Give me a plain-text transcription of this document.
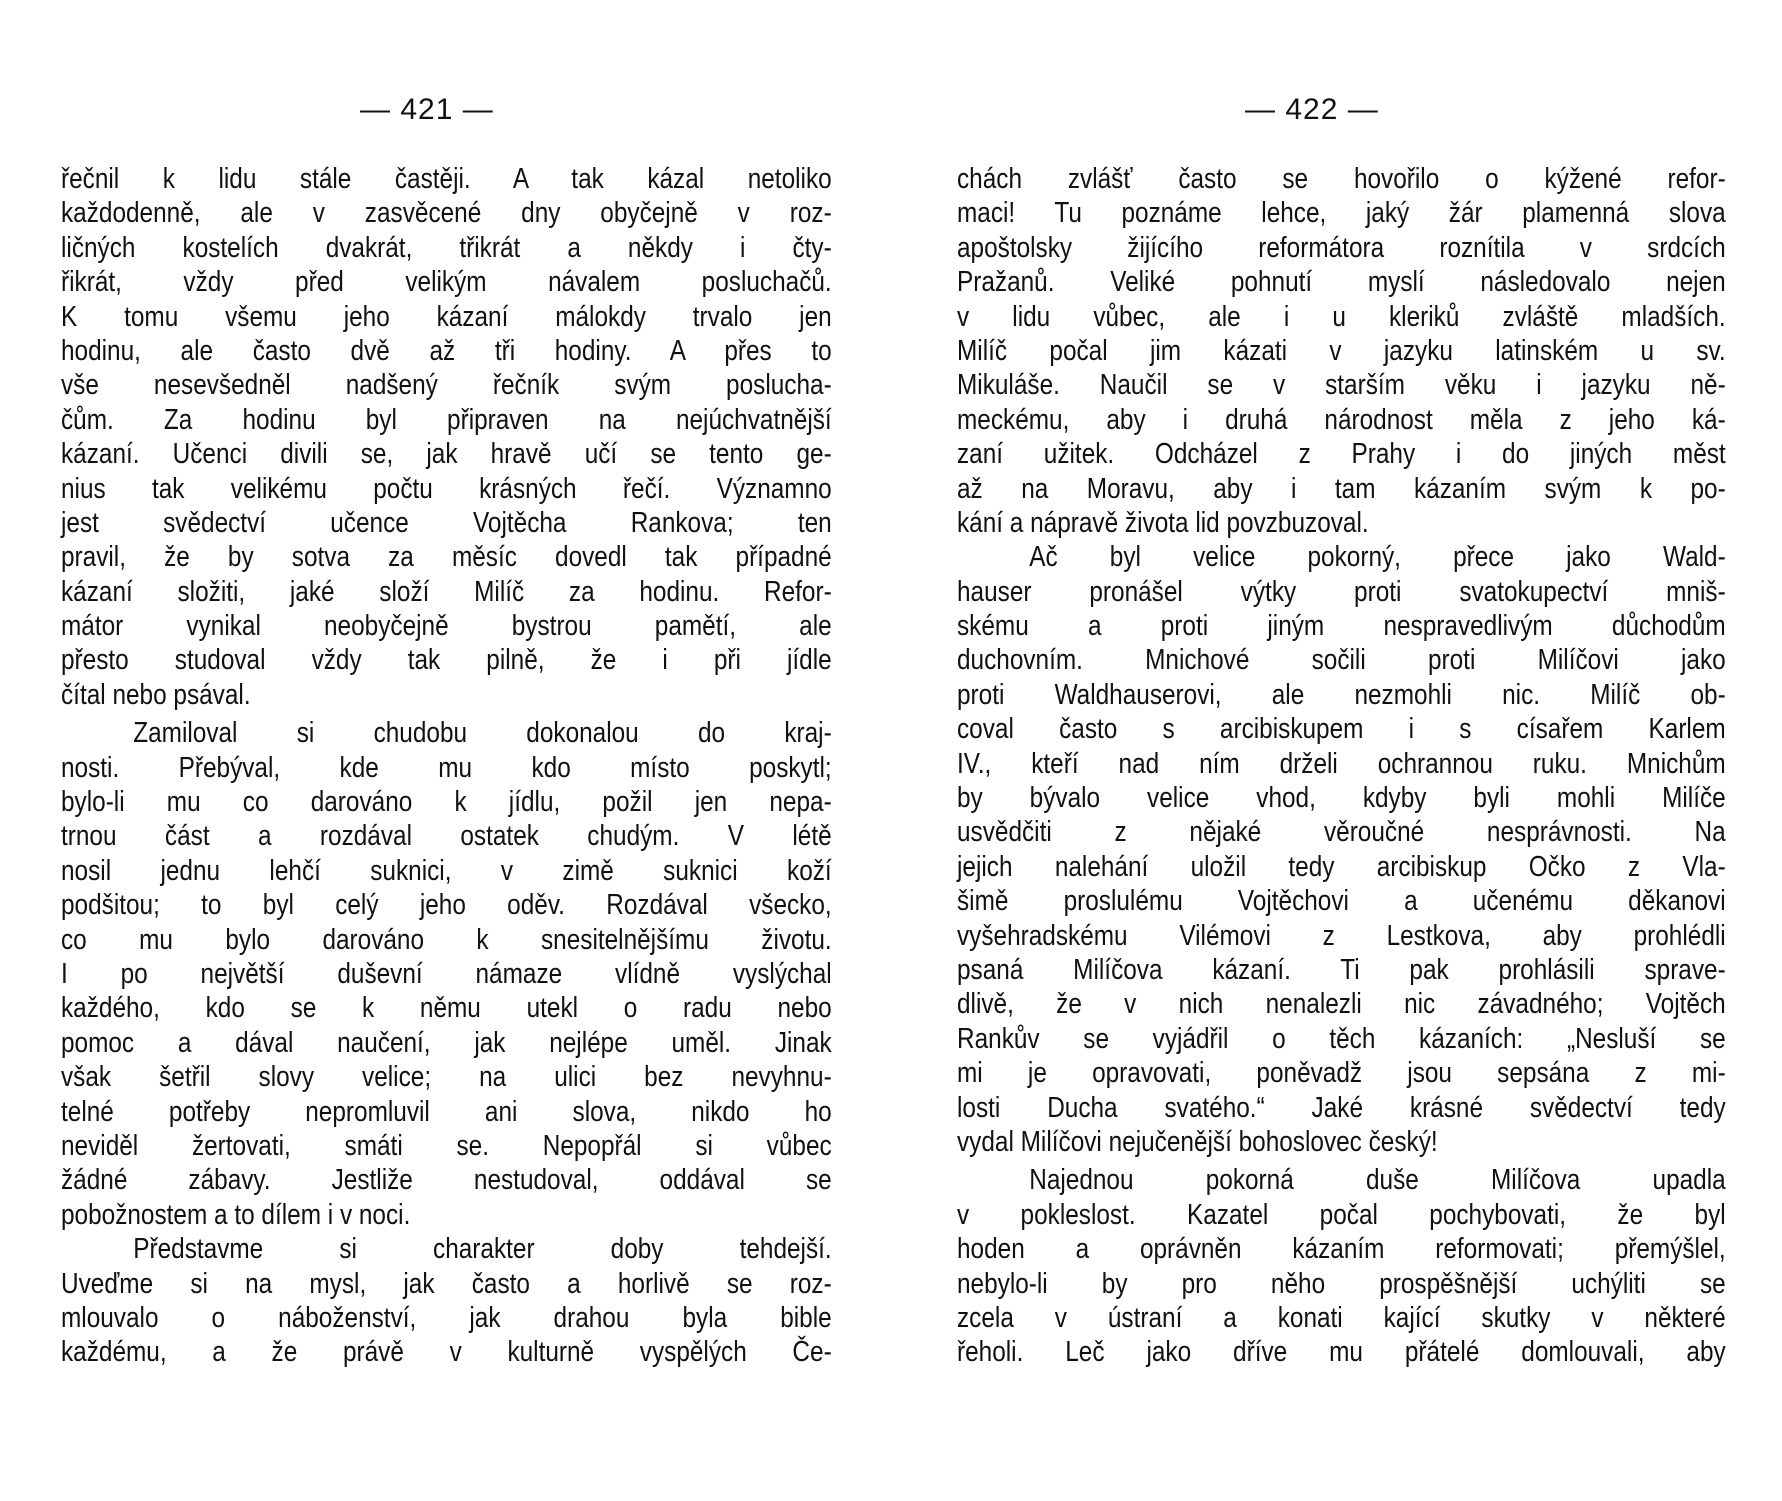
— 421 —
řečnil k lidu stále častěji. A tak kázal netoliko
každodenně, ale v zasvěcené dny obyčejně v roz-
ličných kostelích dvakrát, třikrát a někdy i čty-
řikrát, vždy před velikým návalem posluchačů.
K tomu všemu jeho kázaní málokdy trvalo jen
hodinu, ale často dvě až tři hodiny. A přes to
vše nesevšedněl nadšený řečník svým poslucha-
čům. Za hodinu byl připraven na nejúchvatnější
kázaní. Učenci divili se, jak hravě učí se tento ge-
nius tak velikému počtu krásných řečí. Významno
jest svědectví učence Vojtěcha Rankova; ten
pravil, že by sotva za měsíc dovedl tak případné
kázaní složiti, jaké složí Milíč za hodinu. Refor-
mátor vynikal neobyčejně bystrou pamětí, ale
přesto studoval vždy tak pilně, že i při jídle
čítal nebo psával.
Zamiloval si chudobu dokonalou do kraj-
nosti. Přebýval, kde mu kdo místo poskytl;
bylo-li mu co darováno k jídlu, požil jen nepa-
trnou část a rozdával ostatek chudým. V létě
nosil jednu lehčí suknici, v zimě suknici koží
podšitou; to byl celý jeho oděv. Rozdával všecko,
co mu bylo darováno k snesitelnějšímu životu.
I po největší duševní námaze vlídně vyslýchal
každého, kdo se k němu utekl o radu nebo
pomoc a dával naučení, jak nejlépe uměl. Jinak
však šetřil slovy velice; na ulici bez nevyhnu-
telné potřeby nepromluvil ani slova, nikdo ho
neviděl žertovati, smáti se. Nepopřál si vůbec
žádné zábavy. Jestliže nestudoval, oddával se
pobožnostem a to dílem i v noci.
Představme si charakter doby tehdejší.
Uveďme si na mysl, jak často a horlivě se roz-
mlouvalo o náboženství, jak drahou byla bible
každému, a že právě v kulturně vyspělých Če-
— 422 —
chách zvlášť často se hovořilo o kýžené refor-
maci! Tu poznáme lehce, jaký žár plamenná slova
apoštolsky žijícího reformátora roznítila v srdcích
Pražanů. Veliké pohnutí myslí následovalo nejen
v lidu vůbec, ale i u kleriků zvláště mladších.
Milíč počal jim kázati v jazyku latinském u sv.
Mikuláše. Naučil se v starším věku i jazyku ně-
meckému, aby i druhá národnost měla z jeho ká-
zaní užitek. Odcházel z Prahy i do jiných měst
až na Moravu, aby i tam kázaním svým k po-
kání a nápravě života lid povzbuzoval.
Ač byl velice pokorný, přece jako Wald-
hauser pronášel výtky proti svatokupectví mniš-
skému a proti jiným nespravedlivým důchodům
duchovním. Mnichové sočili proti Milíčovi jako
proti Waldhauserovi, ale nezmohli nic. Milíč ob-
coval často s arcibiskupem i s císařem Karlem
IV., kteří nad ním drželi ochrannou ruku. Mnichům
by bývalo velice vhod, kdyby byli mohli Milíče
usvědčiti z nějaké věroučné nesprávnosti. Na
jejich nalehání uložil tedy arcibiskup Očko z Vla-
šimě proslulému Vojtěchovi a učenému děkanovi
vyšehradskému Vilémovi z Lestkova, aby prohlédli
psaná Milíčova kázaní. Ti pak prohlásili sprave-
dlivě, že v nich nenalezli nic závadného; Vojtěch
Rankův se vyjádřil o těch kázaních: „Nesluší se
mi je opravovati, poněvadž jsou sepsána z mi-
losti Ducha svatého.“ Jaké krásné svědectví tedy
vydal Milíčovi nejučenější bohoslovec český!
Najednou pokorná duše Milíčova upadla
v pokleslost. Kazatel počal pochybovati, že byl
hoden a oprávněn kázaním reformovati; přemýšlel,
nebylo-li by pro něho prospěšnější uchýliti se
zcela v ústraní a konati kající skutky v některé
řeholi. Leč jako dříve mu přátelé domlouvali, aby
